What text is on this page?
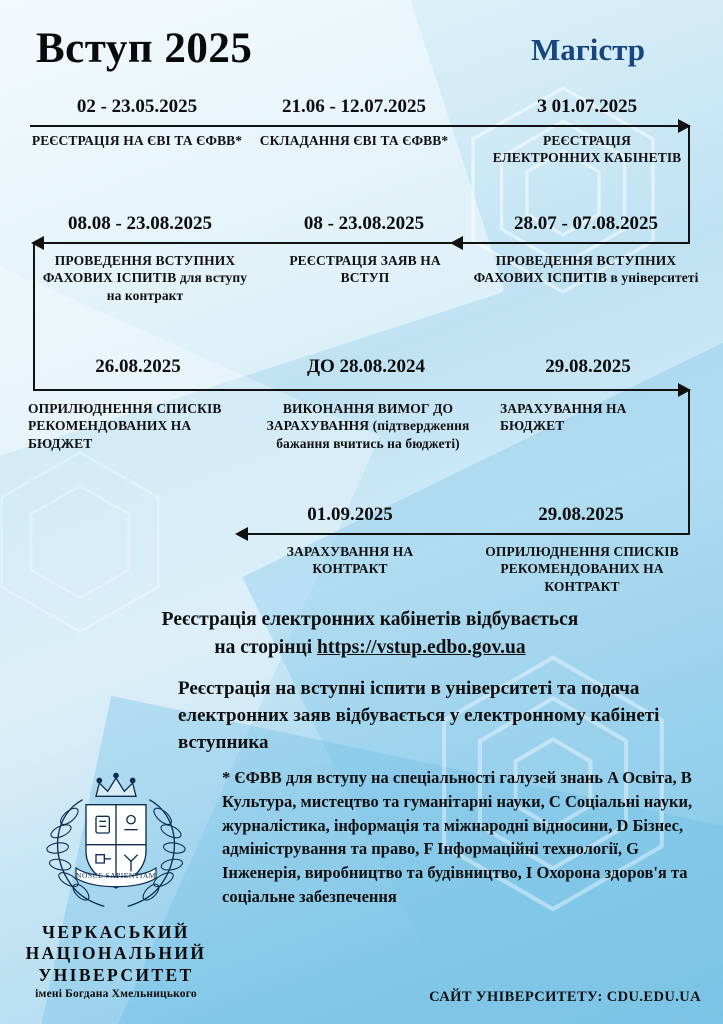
Вступ 2025	Магістр
02 - 23.05.2025
РЕЄСТРАЦІЯ НА ЄВІ ТА ЄФВВ*
21.06 - 12.07.2025
СКЛАДАННЯ ЄВІ ТА ЄФВВ*
З 01.07.2025
РЕЄСТРАЦІЯ ЕЛЕКТРОННИХ КАБІНЕТІВ
08.08 - 23.08.2025
ПРОВЕДЕННЯ ВСТУПНИХ ФАХОВИХ ІСПИТІВ для вступу на контракт
08 - 23.08.2025
РЕЄСТРАЦІЯ ЗАЯВ НА ВСТУП
28.07 - 07.08.2025
ПРОВЕДЕННЯ ВСТУПНИХ ФАХОВИХ ІСПИТІВ в університеті
26.08.2025
ОПРИЛЮДНЕННЯ СПИСКІВ РЕКОМЕНДОВАНИХ НА БЮДЖЕТ
ДО 28.08.2024
ВИКОНАННЯ ВИМОГ ДО ЗАРАХУВАННЯ (підтвердження бажання вчитись на бюджеті)
29.08.2025
ЗАРАХУВАННЯ НА БЮДЖЕТ
01.09.2025
ЗАРАХУВАННЯ НА КОНТРАКТ
29.08.2025
ОПРИЛЮДНЕННЯ СПИСКІВ РЕКОМЕНДОВАНИХ НА КОНТРАКТ
Реєстрація електронних кабінетів відбувається
на сторінці https://vstup.edbo.gov.ua
Реєстрація на вступні іспити в університеті та подача електронних заяв відбувається у електронному кабінеті вступника
* ЄФВВ для вступу на спеціальності галузей знань A Освіта, B Культура, мистецтво та гуманітарні науки, C Соціальні науки, журналістика, інформація та міжнародні відносини, D Бізнес, адміністрування та право, F Інформаційні технології, G Інженерія, виробництво та будівництво, I Охорона здоров'я та соціальне забезпечення
САЙТ УНІВЕРСИТЕТУ: CDU.EDU.UA
NOSCE SAPIENTIAM
ЧЕРКАСЬКИЙ
НАЦІОНАЛЬНИЙ
УНІВЕРСИТЕТ
імені Богдана Хмельницького
